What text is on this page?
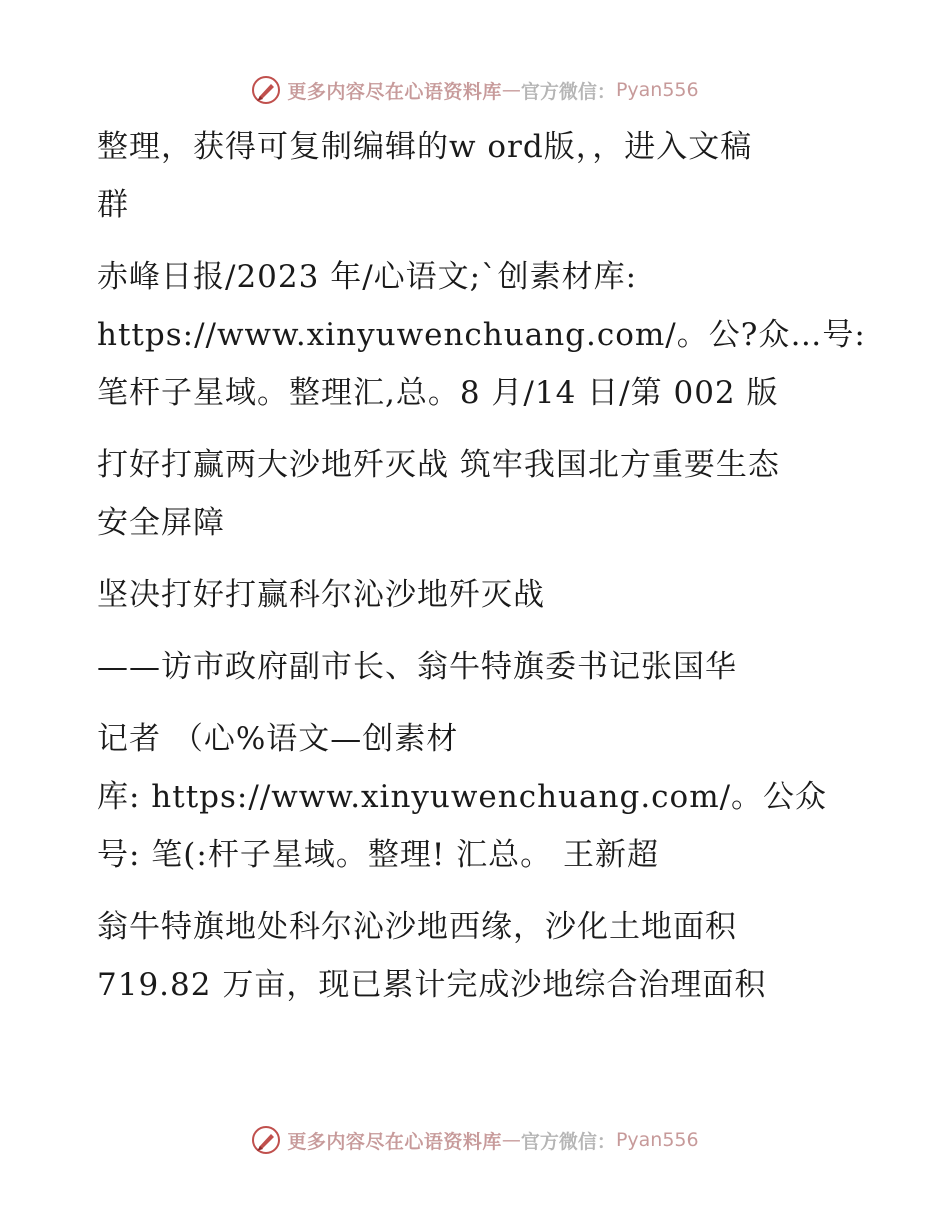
更多内容尽在心语资料库 — 官方微信： Pyan556

整理，获得可复制编辑的w ord版，，进入文稿
群

赤峰日报/2023 年/心语文;`创素材库:
https://www.xinyuwenchuang.com/。公?众…号:
笔杆子星域。整理汇,总。8 月/14 日/第 002 版

打好打赢两大沙地歼灭战 筑牢我国北方重要生态
安全屏障

坚决打好打赢科尔沁沙地歼灭战

——访市政府副市长、翁牛特旗委书记张国华

记者 （心%语文—创素材
库: https://www.xinyuwenchuang.com/。公众
号: 笔(:杆子星域。整理! 汇总。 王新超

翁牛特旗地处科尔沁沙地西缘，沙化土地面积
719.82 万亩，现已累计完成沙地综合治理面积

更多内容尽在心语资料库 — 官方微信： Pyan556
